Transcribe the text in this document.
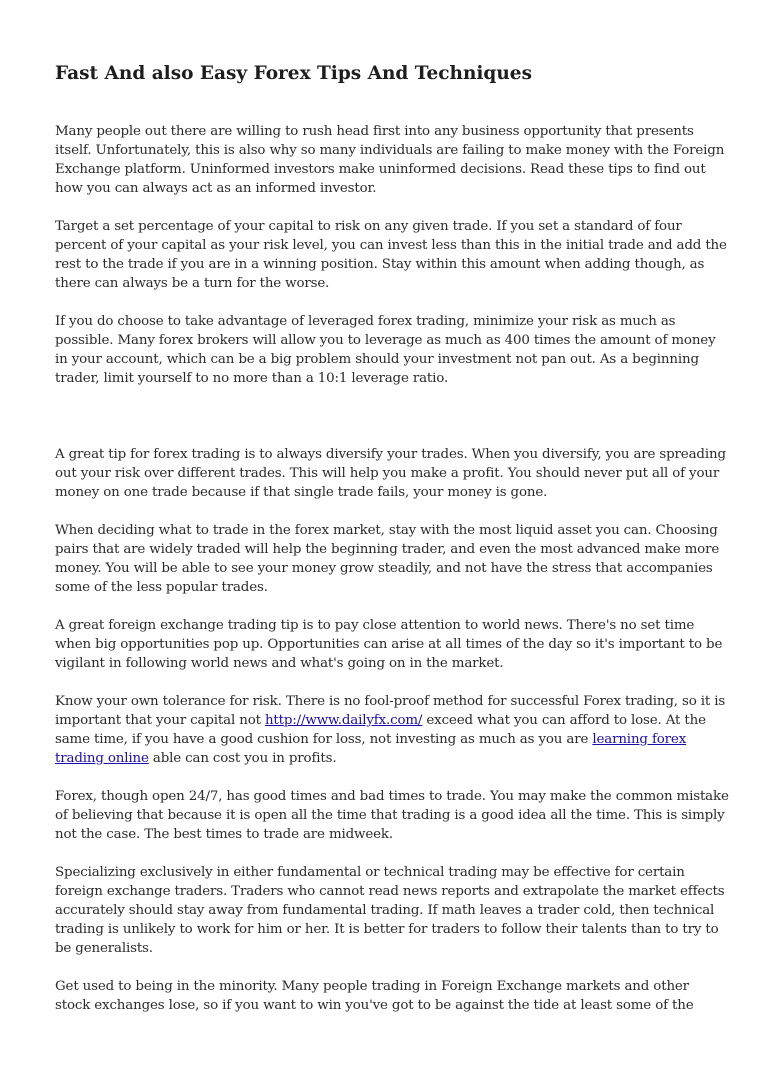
Fast And also Easy Forex Tips And Techniques

Many people out there are willing to rush head first into any business opportunity that presents
itself. Unfortunately, this is also why so many individuals are failing to make money with the Foreign
Exchange platform. Uninformed investors make uninformed decisions. Read these tips to find out
how you can always act as an informed investor.

Target a set percentage of your capital to risk on any given trade. If you set a standard of four
percent of your capital as your risk level, you can invest less than this in the initial trade and add the
rest to the trade if you are in a winning position. Stay within this amount when adding though, as
there can always be a turn for the worse.

If you do choose to take advantage of leveraged forex trading, minimize your risk as much as
possible. Many forex brokers will allow you to leverage as much as 400 times the amount of money
in your account, which can be a big problem should your investment not pan out. As a beginning
trader, limit yourself to no more than a 10:1 leverage ratio.

A great tip for forex trading is to always diversify your trades. When you diversify, you are spreading
out your risk over different trades. This will help you make a profit. You should never put all of your
money on one trade because if that single trade fails, your money is gone.

When deciding what to trade in the forex market, stay with the most liquid asset you can. Choosing
pairs that are widely traded will help the beginning trader, and even the most advanced make more
money. You will be able to see your money grow steadily, and not have the stress that accompanies
some of the less popular trades.

A great foreign exchange trading tip is to pay close attention to world news. There's no set time
when big opportunities pop up. Opportunities can arise at all times of the day so it's important to be
vigilant in following world news and what's going on in the market.

Know your own tolerance for risk. There is no fool-proof method for successful Forex trading, so it is
important that your capital not http://www.dailyfx.com/ exceed what you can afford to lose. At the
same time, if you have a good cushion for loss, not investing as much as you are learning forex
trading online able can cost you in profits.

Forex, though open 24/7, has good times and bad times to trade. You may make the common mistake
of believing that because it is open all the time that trading is a good idea all the time. This is simply
not the case. The best times to trade are midweek.

Specializing exclusively in either fundamental or technical trading may be effective for certain
foreign exchange traders. Traders who cannot read news reports and extrapolate the market effects
accurately should stay away from fundamental trading. If math leaves a trader cold, then technical
trading is unlikely to work for him or her. It is better for traders to follow their talents than to try to
be generalists.

Get used to being in the minority. Many people trading in Foreign Exchange markets and other
stock exchanges lose, so if you want to win you've got to be against the tide at least some of the
